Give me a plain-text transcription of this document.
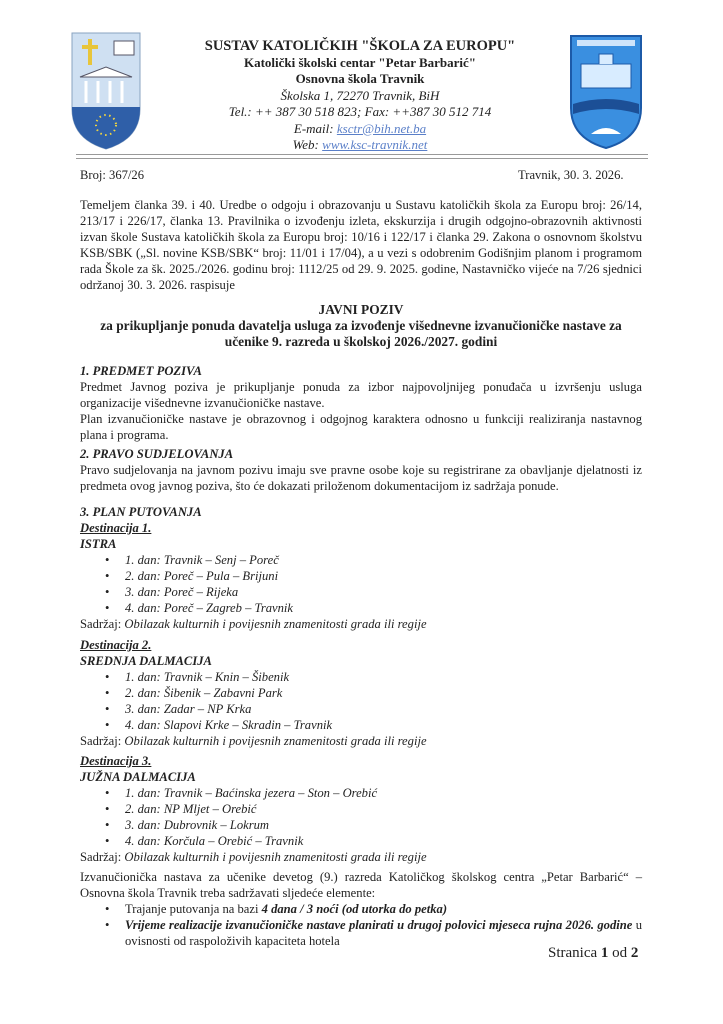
SUSTAV KATOLIČKIH "ŠKOLA ZA EUROPU"
Katolički školski centar "Petar Barbarić"
Osnovna škola Travnik
Školska 1, 72270 Travnik, BiH
Tel.: ++ 387 30 518 823; Fax: ++387 30 512 714
E-mail: ksctr@bih.net.ba
Web: www.ksc-travnik.net
Broj: 367/26	Travnik, 30. 3. 2026.
Temeljem članka 39. i 40. Uredbe o odgoju i obrazovanju u Sustavu katoličkih škola za Europu broj: 26/14, 213/17 i 226/17, članka 13. Pravilnika o izvođenju izleta, ekskurzija i drugih odgojno-obrazovnih aktivnosti izvan škole Sustava katoličkih škola za Europu broj: 10/16 i 122/17 i članka 29. Zakona o osnovnom školstvu KSB/SBK („Sl. novine KSB/SBK“ broj: 11/01 i 17/04), a u vezi s odobrenim Godišnjim planom i programom rada Škole za šk. 2025./2026. godinu broj: 1112/25 od 29. 9. 2025. godine, Nastavničko vijeće na 7/26 sjednici održanoj 30. 3. 2026. raspisuje
JAVNI POZIV
za prikupljanje ponuda davatelja usluga za izvođenje višednevne izvanučioničke nastave za učenike 9. razreda u školskoj 2026./2027. godini
1. PREDMET POZIVA
Predmet Javnog poziva je prikupljanje ponuda za izbor najpovoljnijeg ponuđača u izvršenju usluga organizacije višednevne izvanučioničke nastave.
Plan izvanučioničke nastave je obrazovnog i odgojnog karaktera odnosno u funkciji realiziranja nastavnog plana i programa.
2. PRAVO SUDJELOVANJA
Pravo sudjelovanja na javnom pozivu imaju sve pravne osobe koje su registrirane za obavljanje djelatnosti iz predmeta ovog javnog poziva, što će dokazati priloženom dokumentacijom iz sadržaja ponude.
3. PLAN PUTOVANJA
Destinacija 1.
ISTRA
• 1. dan: Travnik – Senj – Poreč
• 2. dan: Poreč – Pula – Brijuni
• 3. dan: Poreč – Rijeka
• 4. dan: Poreč – Zagreb – Travnik
Sadržaj: Obilazak kulturnih i povijesnih znamenitosti grada ili regije
Destinacija 2.
SREDNJA DALMACIJA
• 1. dan: Travnik – Knin – Šibenik
• 2. dan: Šibenik – Zabavni Park
• 3. dan: Zadar – NP Krka
• 4. dan: Slapovi Krke – Skradin – Travnik
Sadržaj: Obilazak kulturnih i povijesnih znamenitosti grada ili regije
Destinacija 3.
JUŽNA DALMACIJA
• 1. dan: Travnik – Baćinska jezera – Ston – Orebić
• 2. dan: NP Mljet – Orebić
• 3. dan: Dubrovnik – Lokrum
• 4. dan: Korčula – Orebić – Travnik
Sadržaj: Obilazak kulturnih i povijesnih znamenitosti grada ili regije
Izvanučionička nastava za učenike devetog (9.) razreda Katoličkog školskog centra „Petar Barbarić“ – Osnovna škola Travnik treba sadržavati sljedeće elemente:
• Trajanje putovanja na bazi 4 dana / 3 noći (od utorka do petka)
• Vrijeme realizacije izvanučioničke nastave planirati u drugoj polovici mjeseca rujna 2026. godine u ovisnosti od raspoloživih kapaciteta hotela
Stranica 1 od 2
